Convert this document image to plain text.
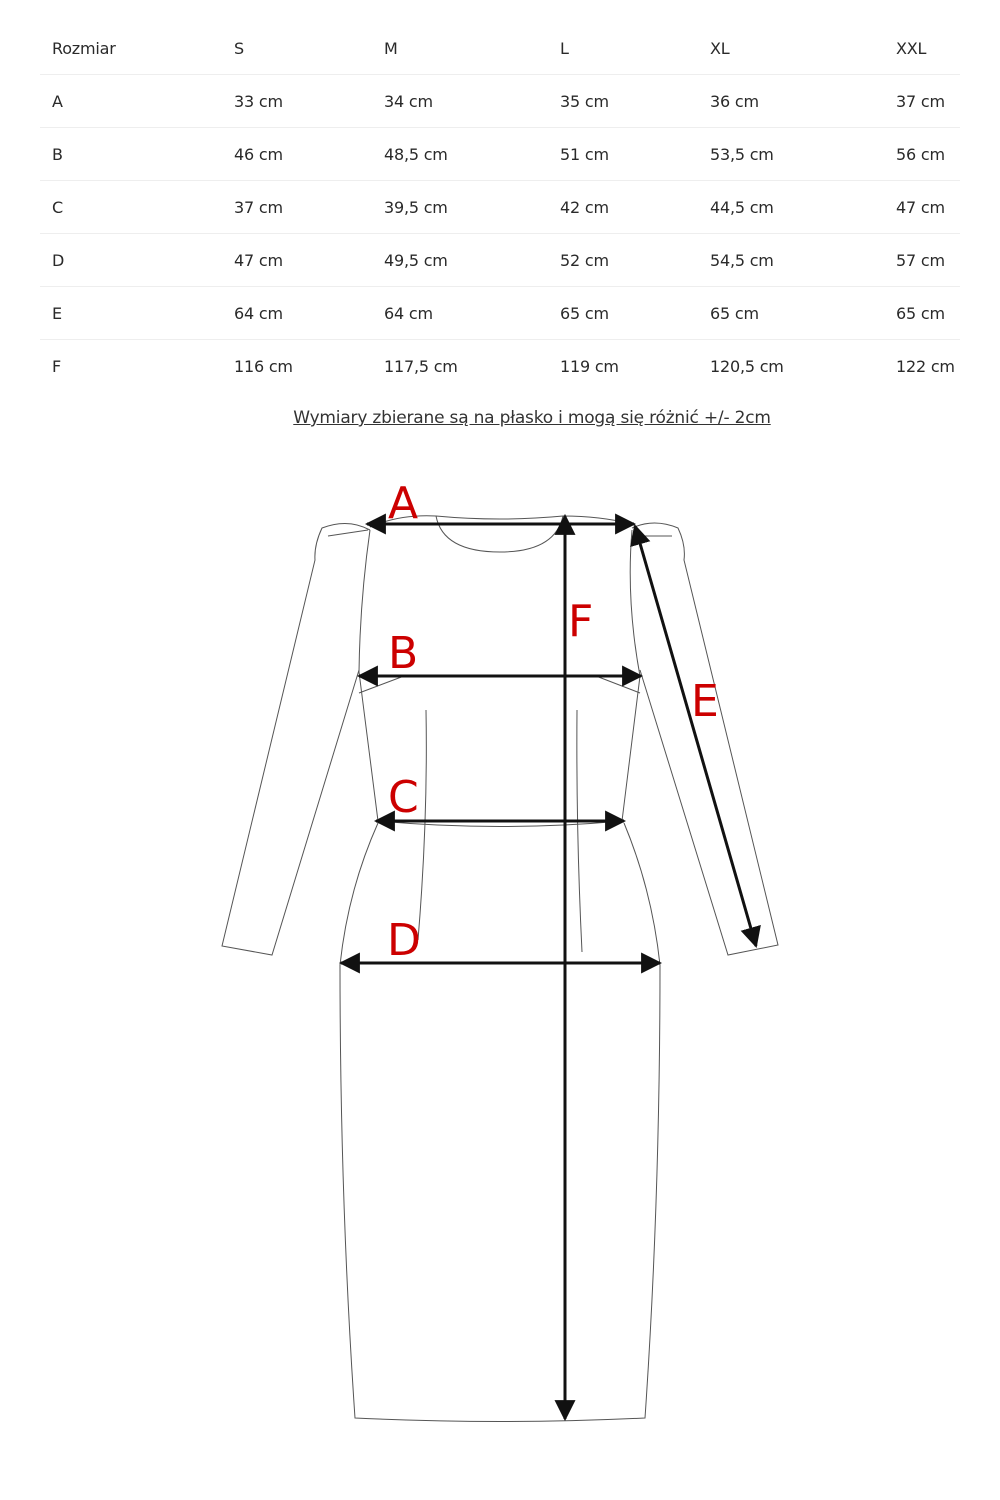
Rozmiar	S	M	L	XL	XXL
A	33 cm	34 cm	35 cm	36 cm	37 cm
B	46 cm	48,5 cm	51 cm	53,5 cm	56 cm
C	37 cm	39,5 cm	42 cm	44,5 cm	47 cm
D	47 cm	49,5 cm	52 cm	54,5 cm	57 cm
E	64 cm	64 cm	65 cm	65 cm	65 cm
F	116 cm	117,5 cm	119 cm	120,5 cm	122 cm
Wymiary zbierane są na płasko i mogą się różnić +/- 2cm
A
B
C
D
E
F
